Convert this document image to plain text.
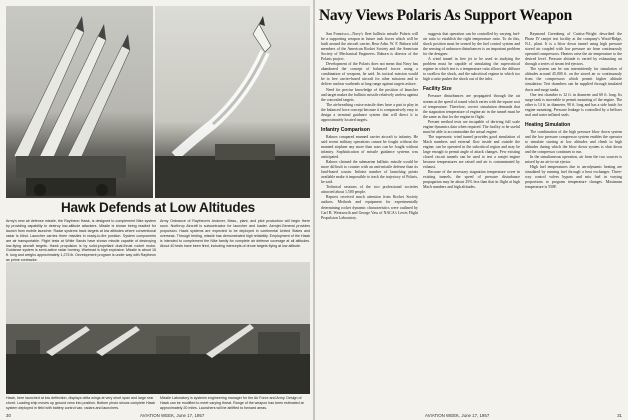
Hawk Defends at Low Altitudes
Army's new air defense missile, the Raytheon Hawk, is designed to complement Nike system by providing capability to destroy low-altitude attackers. Missile is shown being readied for launch from mobile launcher. Radar systems track targets at low altitudes where conventional radar is blind. Launcher carries three missiles in ready-to-fire position. System components are air transportable. Flight tests at White Sands have shown missile capable of destroying low-flying aircraft targets. Hawk propulsion is by solid-propellant dual-thrust rocket motor. Guidance system is semi-active radar homing. Warhead is high explosive. Missile is about 16 ft. long and weighs approximately 1,275 lb. Development program is under way with Raytheon as prime contractor.
Army Ordnance of Raytheon's Andover, Mass., plant, and pilot production will begin there soon. Northrop Aircraft is subcontractor for launcher and loader. Aerojet-General provides propulsion. Hawk systems are expected to be deployed in continental United States and overseas. Through testing, missile has demonstrated high reliability. Employment of the Hawk is intended to complement the Nike family for complete air defense coverage at all altitudes. About 40 tests have been fired, including intercepts of drone targets flying at low altitude.
Hawk, here launched at low deflection, displays delta wings at very short span and large rear chord. Loading ship moves up ground crew into position. Bottom photo shows complete Hawk system deployed in field with battery control van, radars and launchers.
Missile Laboratory is systems engineering manager for the Air Force and Army. Design of Hawk can be modified to meet varying threat. Range of the weapon has been estimated at approximately 20 miles. Launchers will be airlifted to forward areas.
30	AVIATION WEEK, June 17, 1957
Navy Views Polaris As Support Weapon

San Francisco—Navy's fleet ballistic missile Polaris will be a supporting weapon in future task forces which will be built around the aircraft carrier, Rear Adm. W. F. Raborn told members of the American Rocket Society and the American Society of Mechanical Engineers. Raborn is director of the Polaris project.

Development of the Polaris does not mean that Navy has abandoned the concept of balanced forces using a combination of weapons, he said. Its tactical mission would be to free carrier-based aircraft for other missions and to deliver nuclear warheads at long range against targets ashore.

Need for precise knowledge of the position of launcher and target makes the ballistic missile relatively useless against the concealed targets.

The air-breathing cruise missile does have a part to play in the balanced force concept because it is comparatively easy to design a terminal guidance system that will direct it to approximately located targets.

Infantry Comparison

Raborn compared manned carrier aircraft to infantry. He said recent military operations cannot be fought without the manned airplane any more than wars can be fought without infantry. Sophistication of missile guidance systems was anticipated.

Raborn claimed the submarine ballistic missile would be more difficult to counter with an anti-missile defense than its land-based cousin. Infinite number of launching points available make it impossible to track the trajectory of Polaris, he said.

Technical sessions of the two professional societies attracted about 1,500 people.

Reports received much attention from Rocket Society authors. Methods and equipment for experimentally determining rocket dynamic characteristics were outlined by Carl B. Wentworth and George Vass of NACA's Lewis Flight Propulsion Laboratory.

suggests that operation can be controlled by varying fuel-air ratio to establish the right temperature ratio. To do this, shock position must be sensed by the fuel control system and the sensing of unknown disturbances is an important problem for the designer.

A wind tunnel in free jet to be used in studying the problem must be capable of simulating the supercritical regime in which test is a temperature ratio allows the diffuser to swallow the shock, and the subcritical regime in which too high a ratio pushes the shock out of the inlet.

Facility Size

Pressure disturbances are propagated through the air stream at the speed of sound which varies with the square root of temperature. Therefore, correct simulation demands that the stagnation temperature of engine air in the tunnel must be the same as that for the engine in flight.

Present method tests are incapable of deriving full scale engine dynamics data when required. The facility to be useful must be able to accommodate the actual engine.

The supersonic wind tunnel provides good simulation of Mach numbers and external flow inside and outside the engine, can be operated in the subcritical region and may be large enough to permit angle of attack changes. Few existing closed circuit tunnels can be used to test a ramjet engine because temperatures are raised and air is contaminated by exhaust.

Because of the necessary stagnation temperature cover in existing tunnels, the speed of pressure disturbance propagation may be about 25% less than that in flight at high Mach numbers and high altitudes.

Raymond Greenberg of Curtiss-Wright described the Phase IV ramjet test facility at the company's Wood-Ridge, N.J., plant. It is a blow down tunnel using high pressure stored air coupled with low pressure air from continuously operated compressors. Heaters raise the air temperature to the desired level. Pressure altitude is varied by exhausting air through a series of steam fed ejectors.

The system can be run intermittently for simulation of altitudes around 45,000 ft. on the stored air or continuously from the compressors which permit higher altitude simulation. Test chambers can be supplied through insulated ducts and surge tanks.

One test chamber is 12 ft. in diameter and 60 ft. long. Its surge tank is moveable to permit mounting of the engine. The other is 14 ft. in diameter, 90 ft. long and has a side hatch for engine mounting. Pressure leakage is controlled by a bellows seal and water inflated seals.

Heating Simulation

The combination of the high pressure blow down system and the low pressure compressor system enables the operator to simulate starting at low altitudes and climb to high altitudes during which the blow down system is shut down and the compressor continues to run.

In the simultaneous operation, air from the two sources is mixed by an air-to-air ejector.

High fuel temperatures due to aerodynamic heating are simulated by running fuel through a heat exchanger. Three-way control valves bypass and mix fuel in varying proportions to program temperature changes. Maximum temperature is 550F.

AVIATION WEEK, June 17, 1957	31
